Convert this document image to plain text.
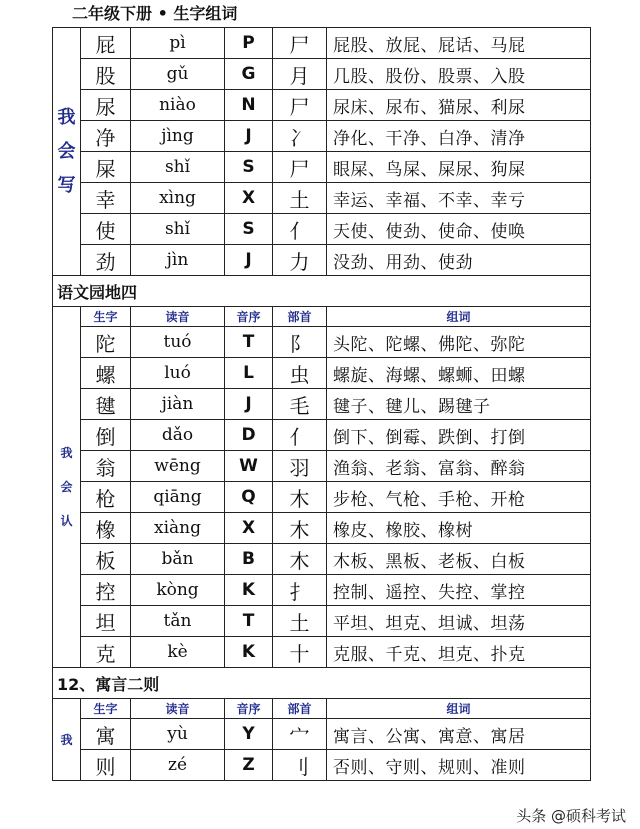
二年级下册 • 生字组词
我
会
写	屁	pì	P	尸	屁股、放屁、屁话、马屁
	股	gǔ	G	月	几股、股份、股票、入股
	尿	niào	N	尸	尿床、尿布、猫尿、利尿
	净	jìng	J	冫	净化、干净、白净、清净
	屎	shǐ	S	尸	眼屎、鸟屎、屎尿、狗屎
	幸	xìng	X	土	幸运、幸福、不幸、幸亏
	使	shǐ	S	亻	天使、使劲、使命、使唤
	劲	jìn	J	力	没劲、用劲、使劲
语文园地四					

我
会
认	生字	读音	音序	部首	组词
	陀	tuó	T	阝	头陀、陀螺、佛陀、弥陀
	螺	luó	L	虫	螺旋、海螺、螺蛳、田螺
	毽	jiàn	J	毛	毽子、毽儿、踢毽子
	倒	dǎo	D	亻	倒下、倒霉、跌倒、打倒
	翁	wēng	W	羽	渔翁、老翁、富翁、醉翁
	枪	qiāng	Q	木	步枪、气枪、手枪、开枪
	橡	xiàng	X	木	橡皮、橡胶、橡树
	板	bǎn	B	木	木板、黑板、老板、白板
	控	kòng	K	扌	控制、遥控、失控、掌控
	坦	tǎn	T	土	平坦、坦克、坦诚、坦荡
	克	kè	K	十	克服、千克、坦克、扑克
12、寓言二则					

我	生字	读音	音序	部首	组词
	寓	yù	Y	宀	寓言、公寓、寓意、寓居
	则	zé	Z	刂	否则、守则、规则、准则
头条 @硕科考试
